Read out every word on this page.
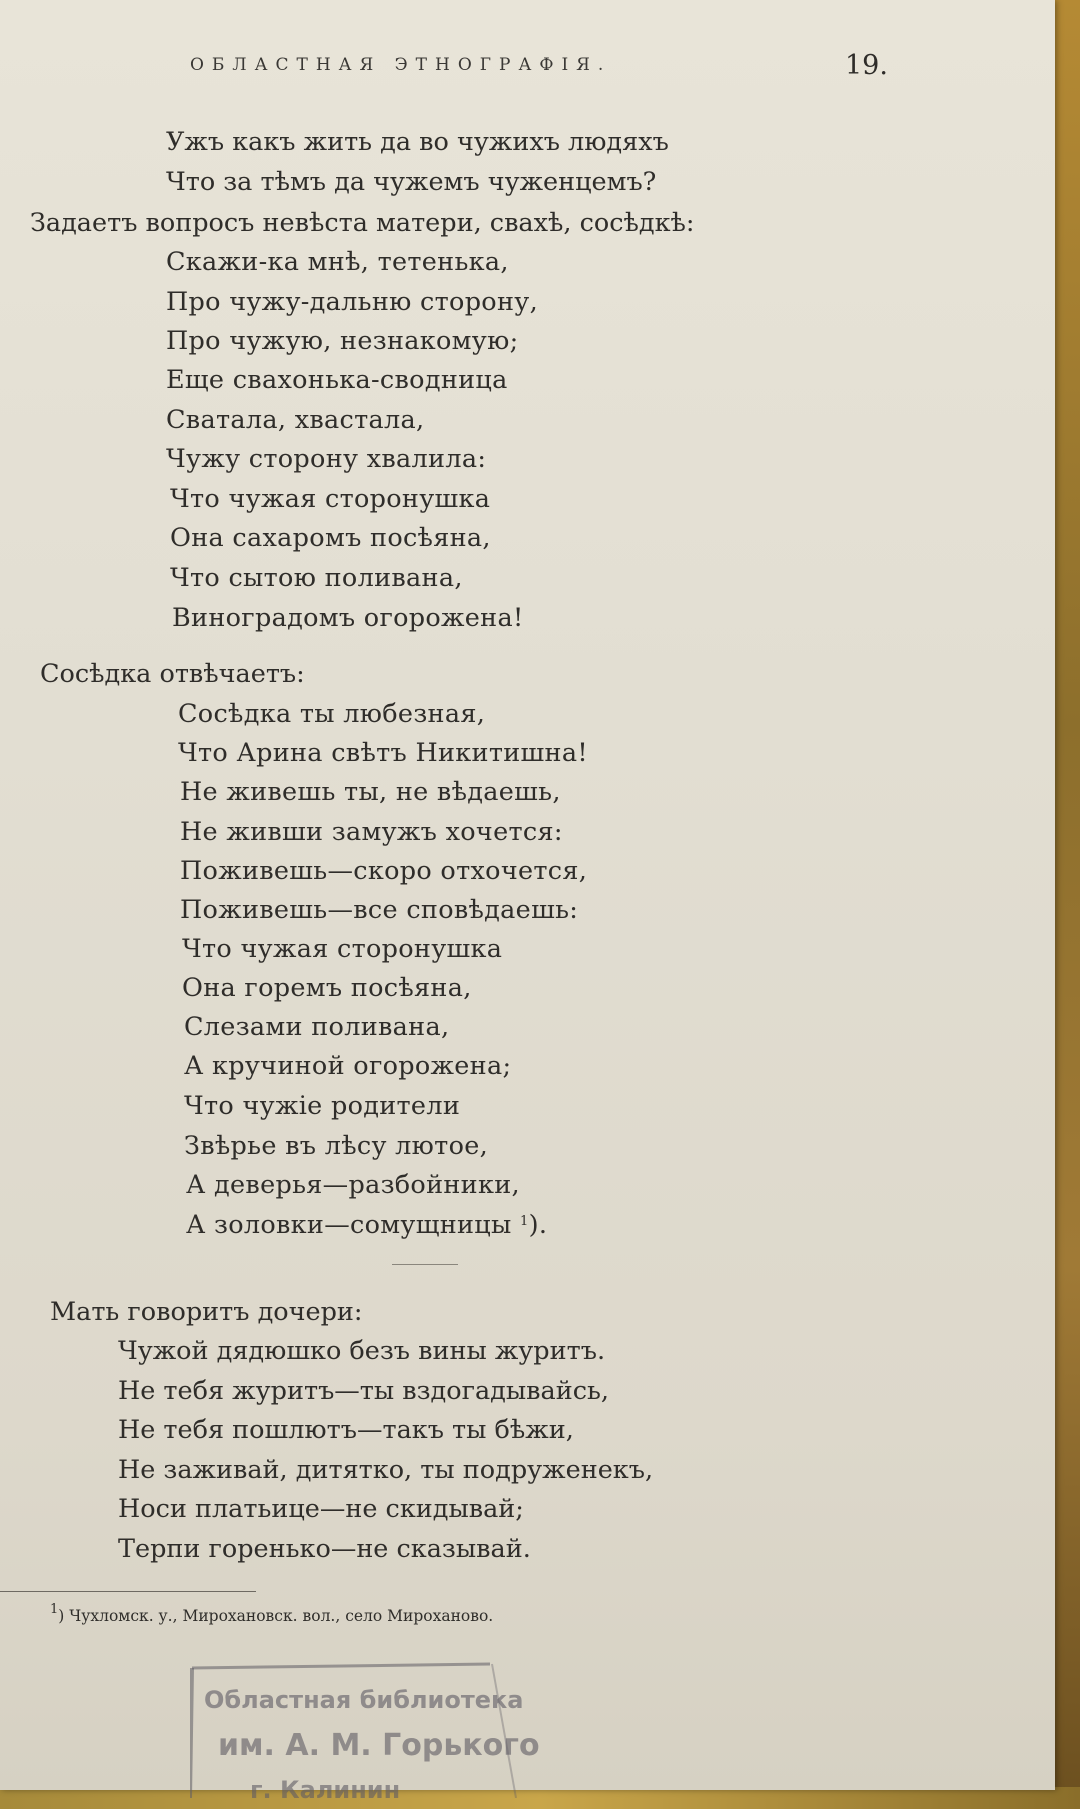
ОБЛАСТНАЯ ЭТНОГРАФІЯ.	19.
Ужъ какъ жить да во чужихъ людяхъ
Что за тѣмъ да чужемъ чуженцемъ?
Задаетъ вопросъ невѣста матери, свахѣ, сосѣдкѣ:
Скажи-ка мнѣ, тетенька,
Про чужу-дальню сторону,
Про чужую, незнакомую;
Еще свахонька-сводница
Сватала, хвастала,
Чужу сторону хвалила:
Что чужая сторонушка
Она сахаромъ посѣяна,
Что сытою поливана,
Виноградомъ огорожена!
Сосѣдка отвѣчаетъ:
Сосѣдка ты любезная,
Что Арина свѣтъ Никитишна!
Не живешь ты, не вѣдаешь,
Не живши замужъ хочется:
Поживешь—скоро отхочется,
Поживешь—все сповѣдаешь:
Что чужая сторонушка
Она горемъ посѣяна,
Слезами поливана,
А кручиной огорожена;
Что чужіе родители
Звѣрье въ лѣсу лютое,
А деверья—разбойники,
А золовки—сомущницы $^1$).
Мать говоритъ дочери:
Чужой дядюшко безъ вины журитъ.
Не тебя журитъ—ты вздогадывайсь,
Не тебя пошлютъ—такъ ты бѣжи,
Не заживай, дитятко, ты подруженекъ,
Носи платьице—не скидывай;
Терпи горенько—не сказывай.
$^1$) Чухломск. у., Мирохановск. вол., село Мироханово.
Областная библиотека
им. А. М. Горького
г. Калинин
